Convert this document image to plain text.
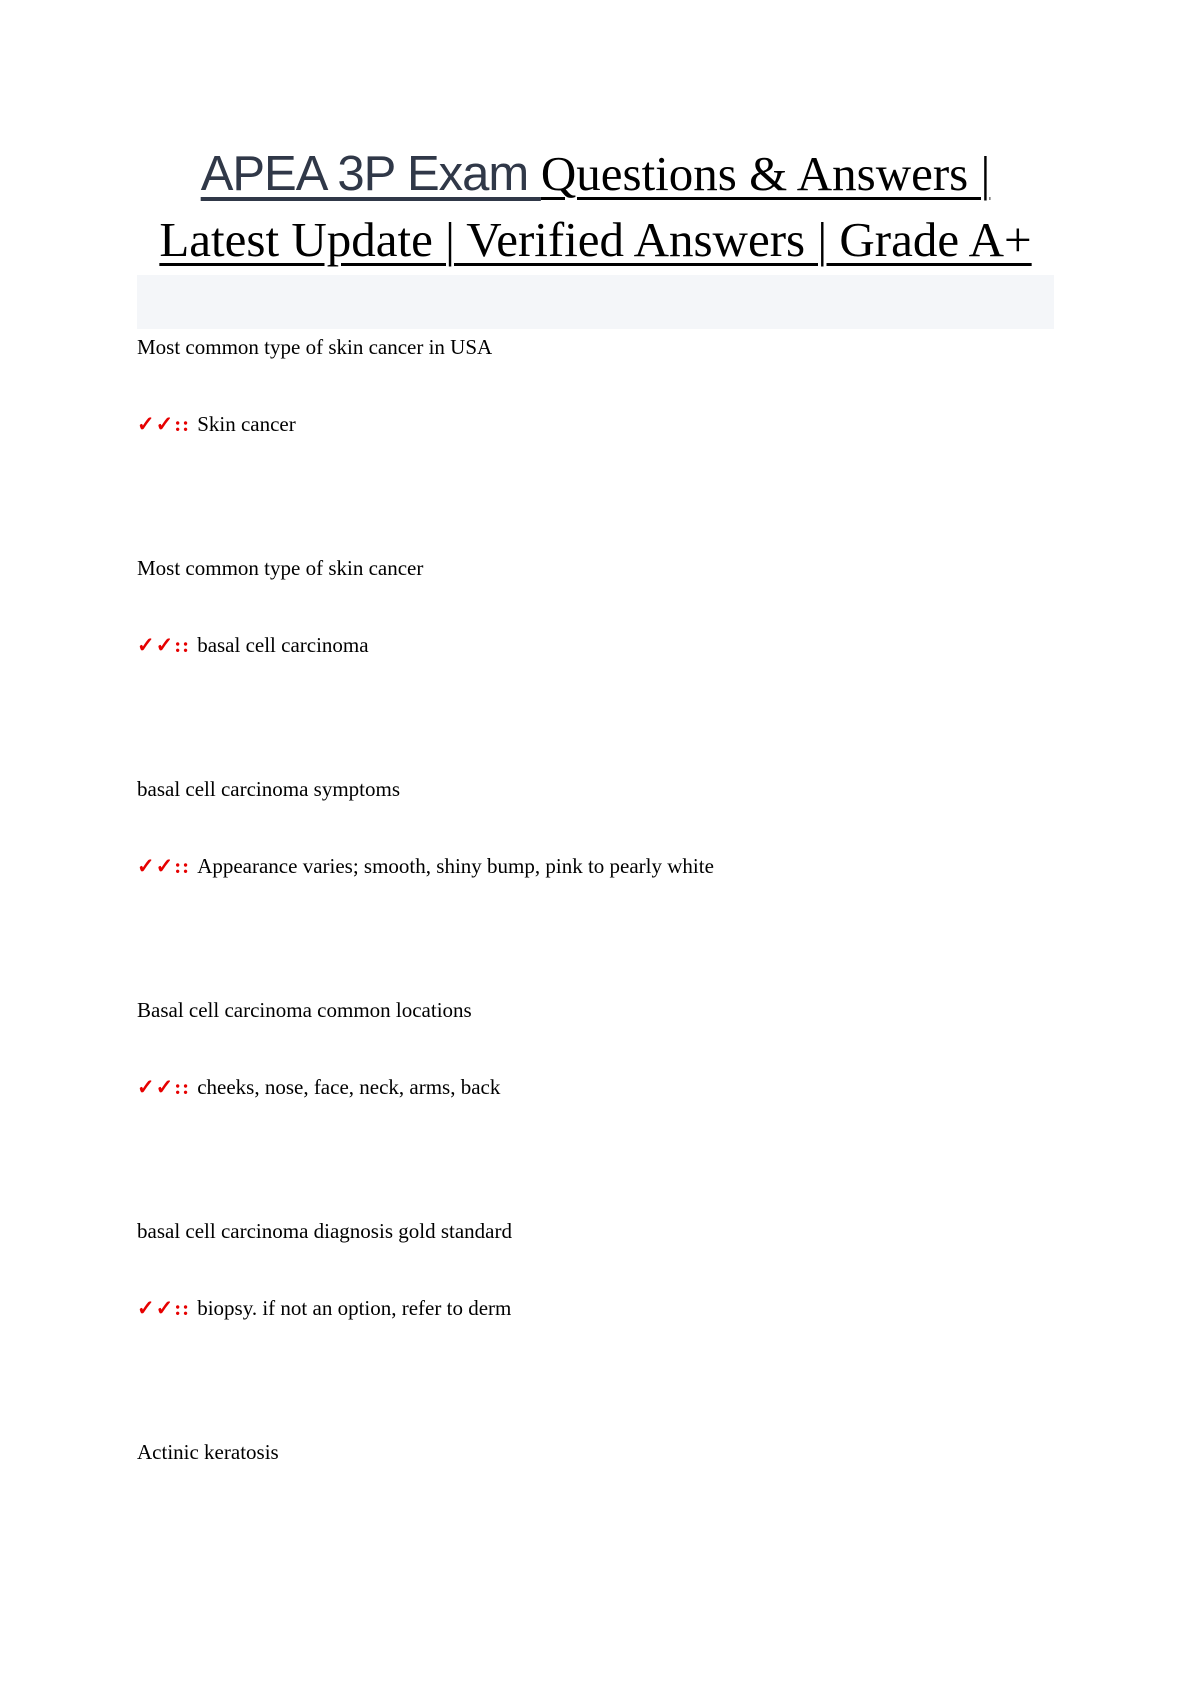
APEA 3P Exam Questions & Answers | Latest Update | Verified Answers | Grade A+

Most common type of skin cancer in USA

✓✓:: Skin cancer

Most common type of skin cancer

✓✓:: basal cell carcinoma

basal cell carcinoma symptoms

✓✓:: Appearance varies; smooth, shiny bump, pink to pearly white

Basal cell carcinoma common locations

✓✓:: cheeks, nose, face, neck, arms, back

basal cell carcinoma diagnosis gold standard

✓✓:: biopsy. if not an option, refer to derm

Actinic keratosis
